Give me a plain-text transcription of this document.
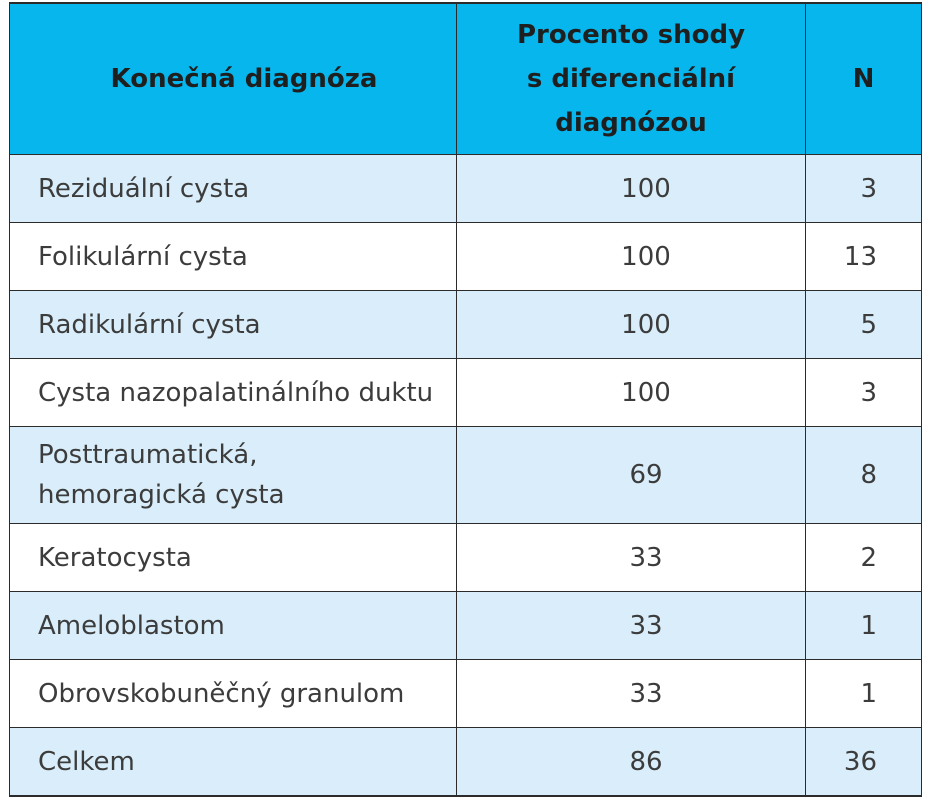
Konečná diagnóza	Procento shody s diferenciální diagnózou	N
Reziduální cysta	100	3
Folikulární cysta	100	13
Radikulární cysta	100	5
Cysta nazopalatinálního duktu	100	3

Posttraumatická, hemoragická cysta	69	8
Keratocysta	33	2
Ameloblastom	33	1
Obrovskobuněčný granulom	33	1
Celkem	86	36
